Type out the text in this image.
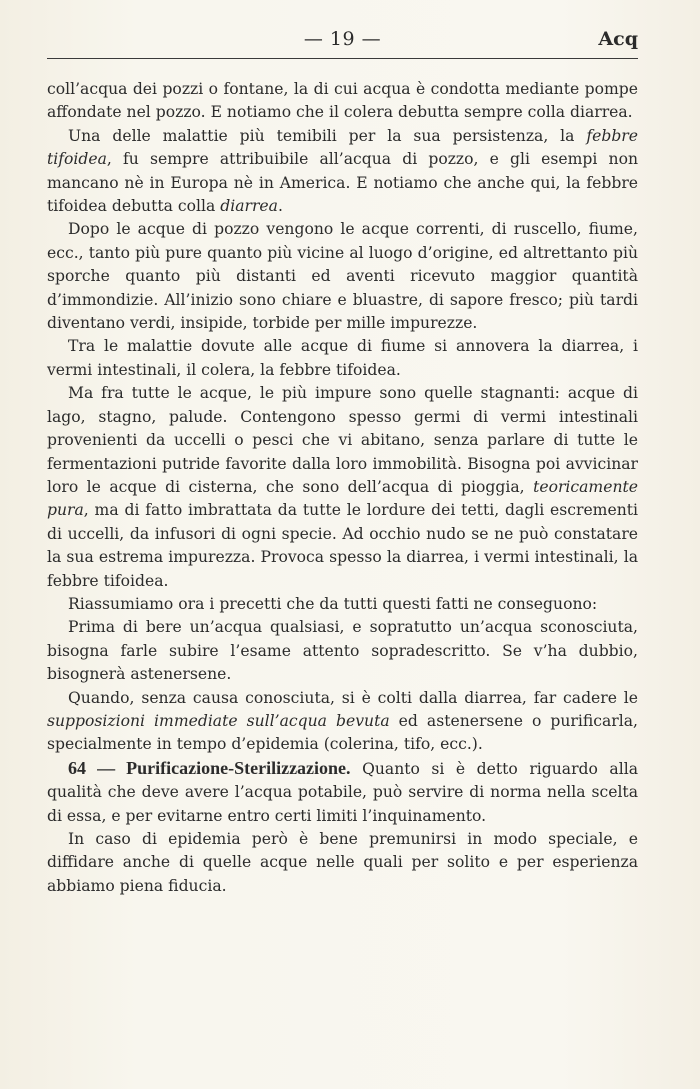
— 19 —	Acq

coll’acqua dei pozzi o fontane, la di cui acqua è condotta mediante pompe affondate nel pozzo. E notiamo che il colera debutta sempre colla diarrea.

Una delle malattie più temibili per la sua persistenza, la febbre tifoidea, fu sempre attribuibile all’acqua di pozzo, e gli esempi non mancano nè in Europa nè in America. E notiamo che anche qui, la febbre tifoidea debutta colla diarrea.

Dopo le acque di pozzo vengono le acque correnti, di ruscello, fiume, ecc., tanto più pure quanto più vicine al luogo d’origine, ed altrettanto più sporche quanto più distanti ed aventi ricevuto maggior quantità d’immondizie. All’inizio sono chiare e bluastre, di sapore fresco; più tardi diventano verdi, insipide, torbide per mille impurezze.

Tra le malattie dovute alle acque di fiume si annovera la diarrea, i vermi intestinali, il colera, la febbre tifoidea.

Ma fra tutte le acque, le più impure sono quelle stagnanti: acque di lago, stagno, palude. Contengono spesso germi di vermi intestinali provenienti da uccelli o pesci che vi abitano, senza parlare di tutte le fermentazioni putride favorite dalla loro immobilità. Bisogna poi avvicinar loro le acque di cisterna, che sono dell’acqua di pioggia, teoricamente pura, ma di fatto imbrattata da tutte le lordure dei tetti, dagli escrementi di uccelli, da infusori di ogni specie. Ad occhio nudo se ne può constatare la sua estrema impurezza. Provoca spesso la diarrea, i vermi intestinali, la febbre tifoidea.

Riassumiamo ora i precetti che da tutti questi fatti ne conseguono:

Prima di bere un’acqua qualsiasi, e sopratutto un’acqua sconosciuta, bisogna farle subire l’esame attento sopradescritto. Se v’ha dubbio, bisognerà astenersene.

Quando, senza causa conosciuta, si è colti dalla diarrea, far cadere le supposizioni immediate sull’acqua bevuta ed astenersene o purificarla, specialmente in tempo d’epidemia (colerina, tifo, ecc.).

64 — Purificazione-Sterilizzazione. Quanto si è detto riguardo alla qualità che deve avere l’acqua potabile, può servire di norma nella scelta di essa, e per evitarne entro certi limiti l’inquinamento.

In caso di epidemia però è bene premunirsi in modo speciale, e diffidare anche di quelle acque nelle quali per solito e per esperienza abbiamo piena fiducia.
